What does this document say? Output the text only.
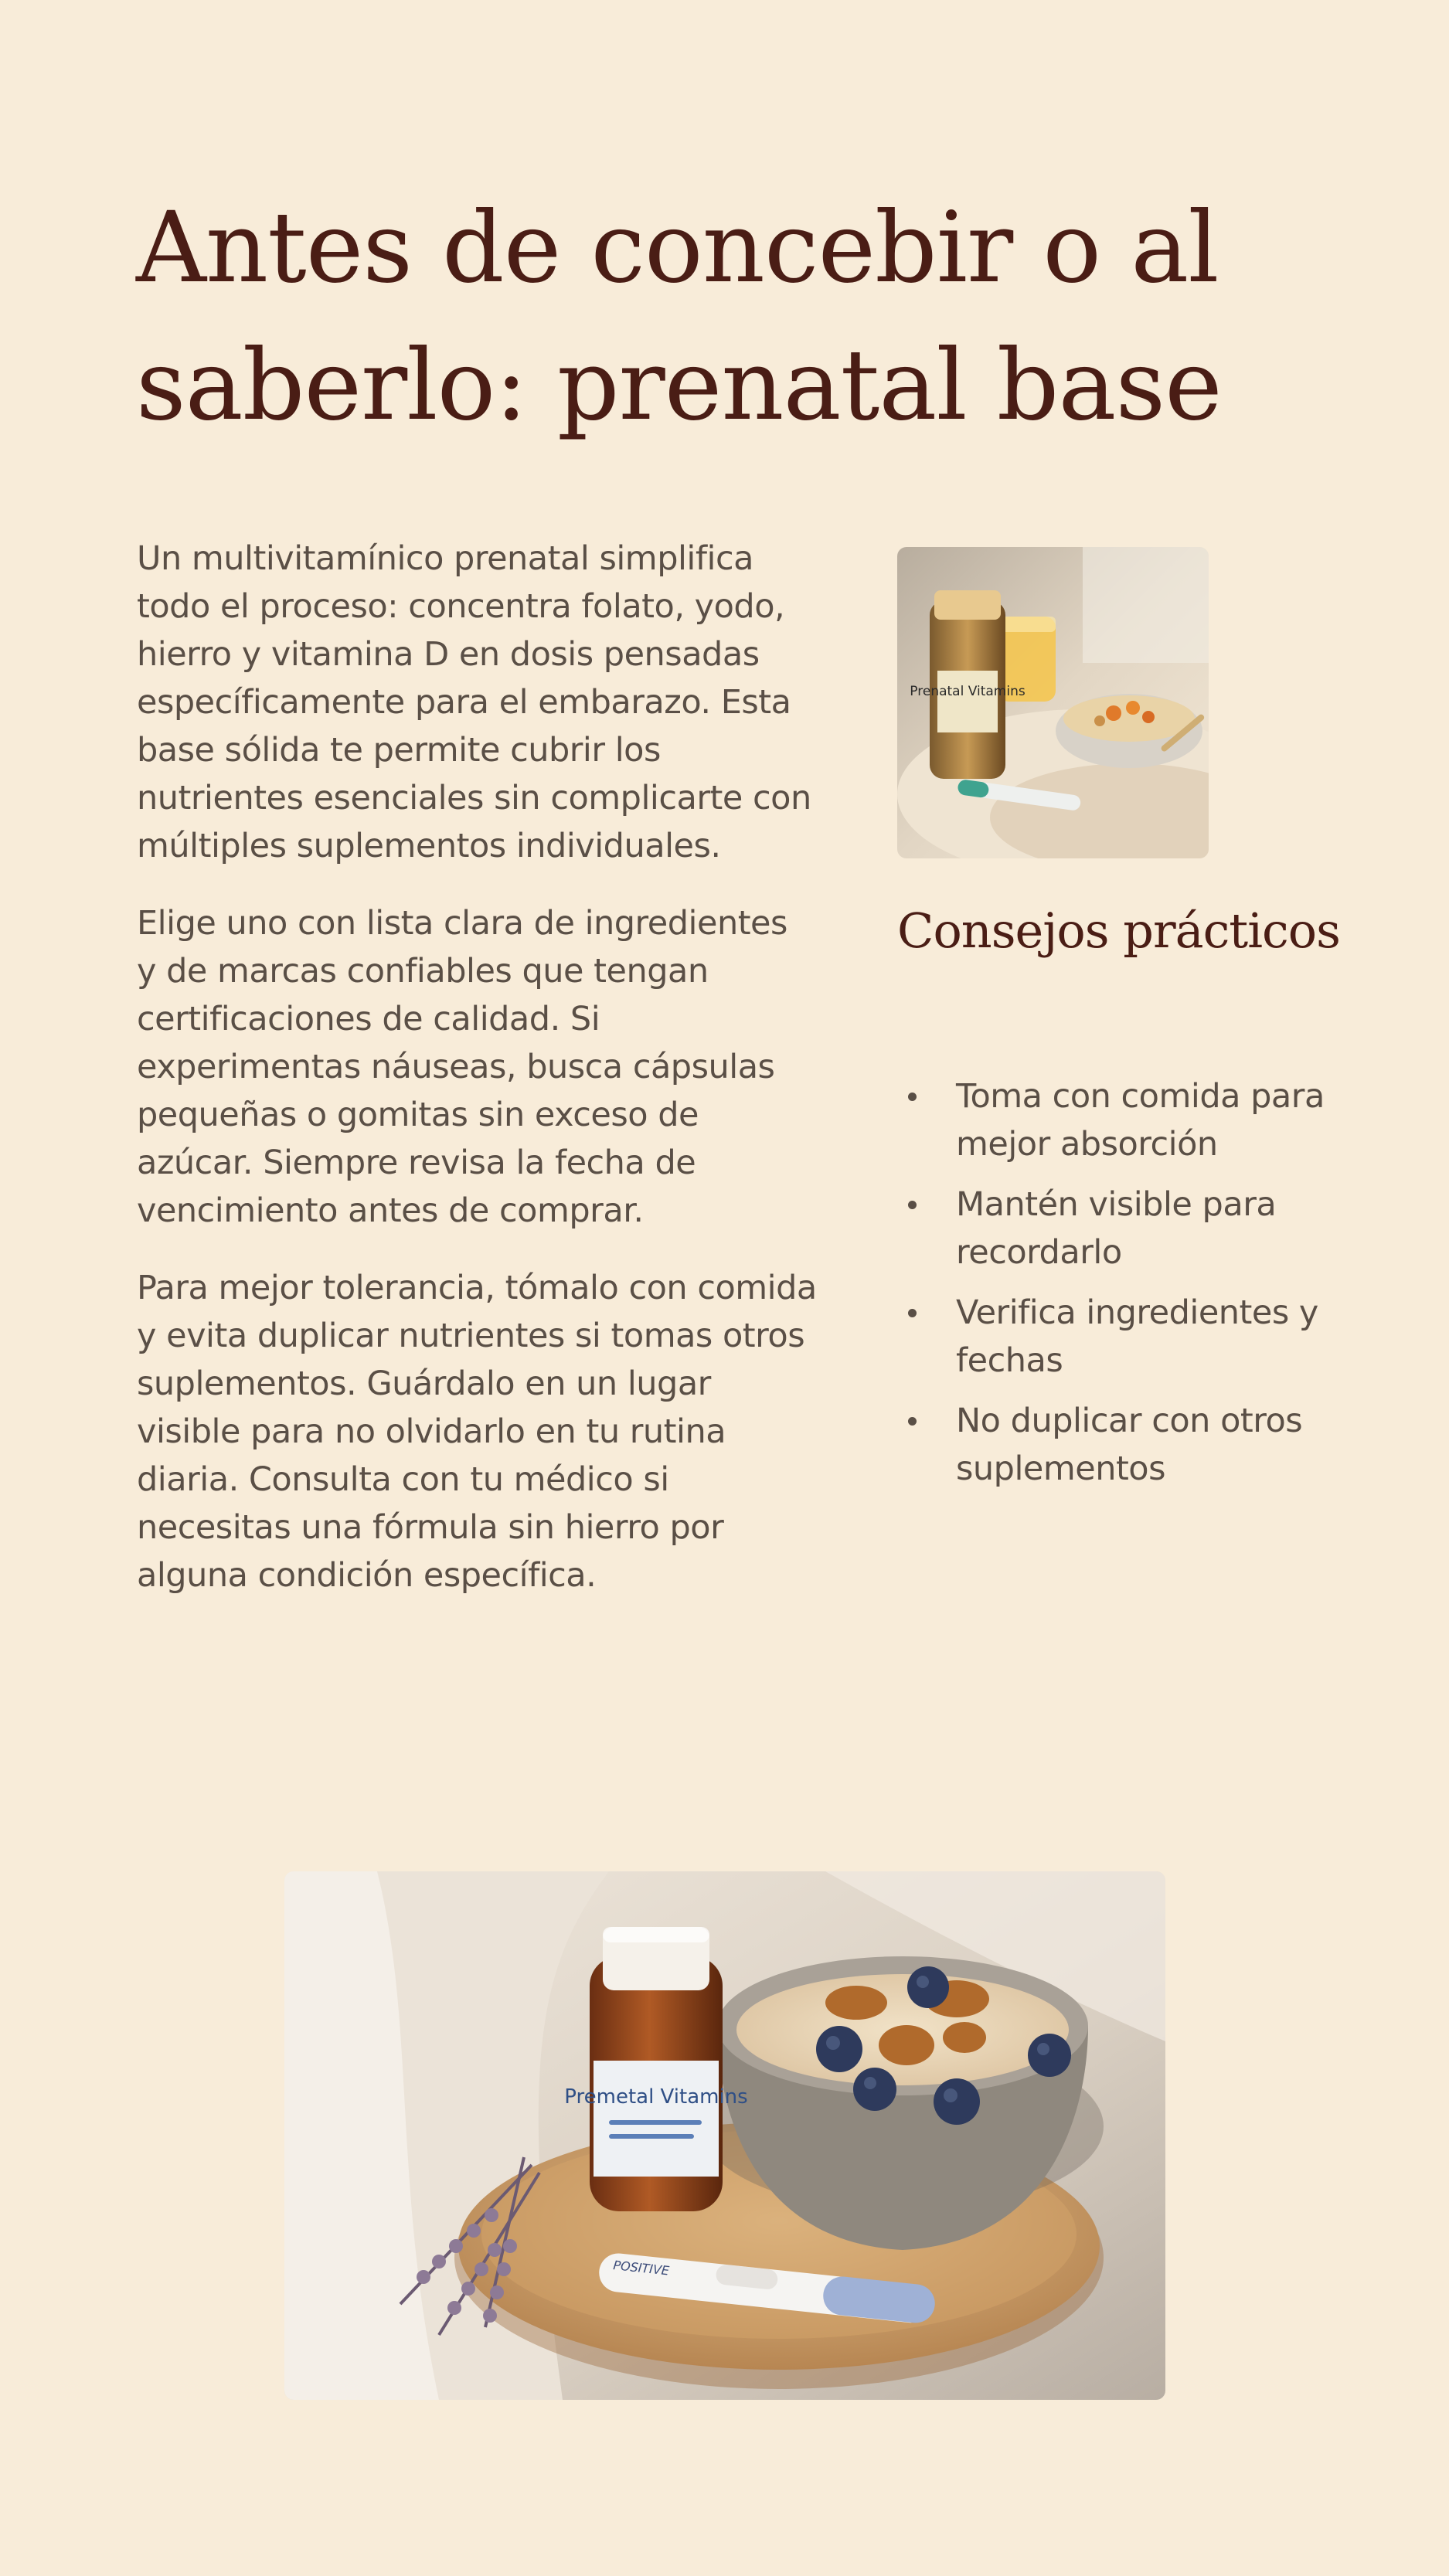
Antes de concebir o al saberlo: prenatal base

Un multivitamínico prenatal simplifica todo el proceso: concentra folato, yodo, hierro y vitamina D en dosis pensadas específicamente para el embarazo. Esta base sólida te permite cubrir los nutrientes esenciales sin complicarte con múltiples suplementos individuales.

Elige uno con lista clara de ingredientes y de marcas confiables que tengan certificaciones de calidad. Si experimentas náuseas, busca cápsulas pequeñas o gomitas sin exceso de azúcar. Siempre revisa la fecha de vencimiento antes de comprar.

Para mejor tolerancia, tómalo con comida y evita duplicar nutrientes si tomas otros suplementos. Guárdalo en un lugar visible para no olvidarlo en tu rutina diaria. Consulta con tu médico si necesitas una fórmula sin hierro por alguna condición específica.

Prenatal Vitamins
Consejos prácticos
Toma con comida para mejor absorción
Mantén visible para recordarlo
Verifica ingredientes y fechas
No duplicar con otros suplementos
Premetal Vitamins
POSITIVE
